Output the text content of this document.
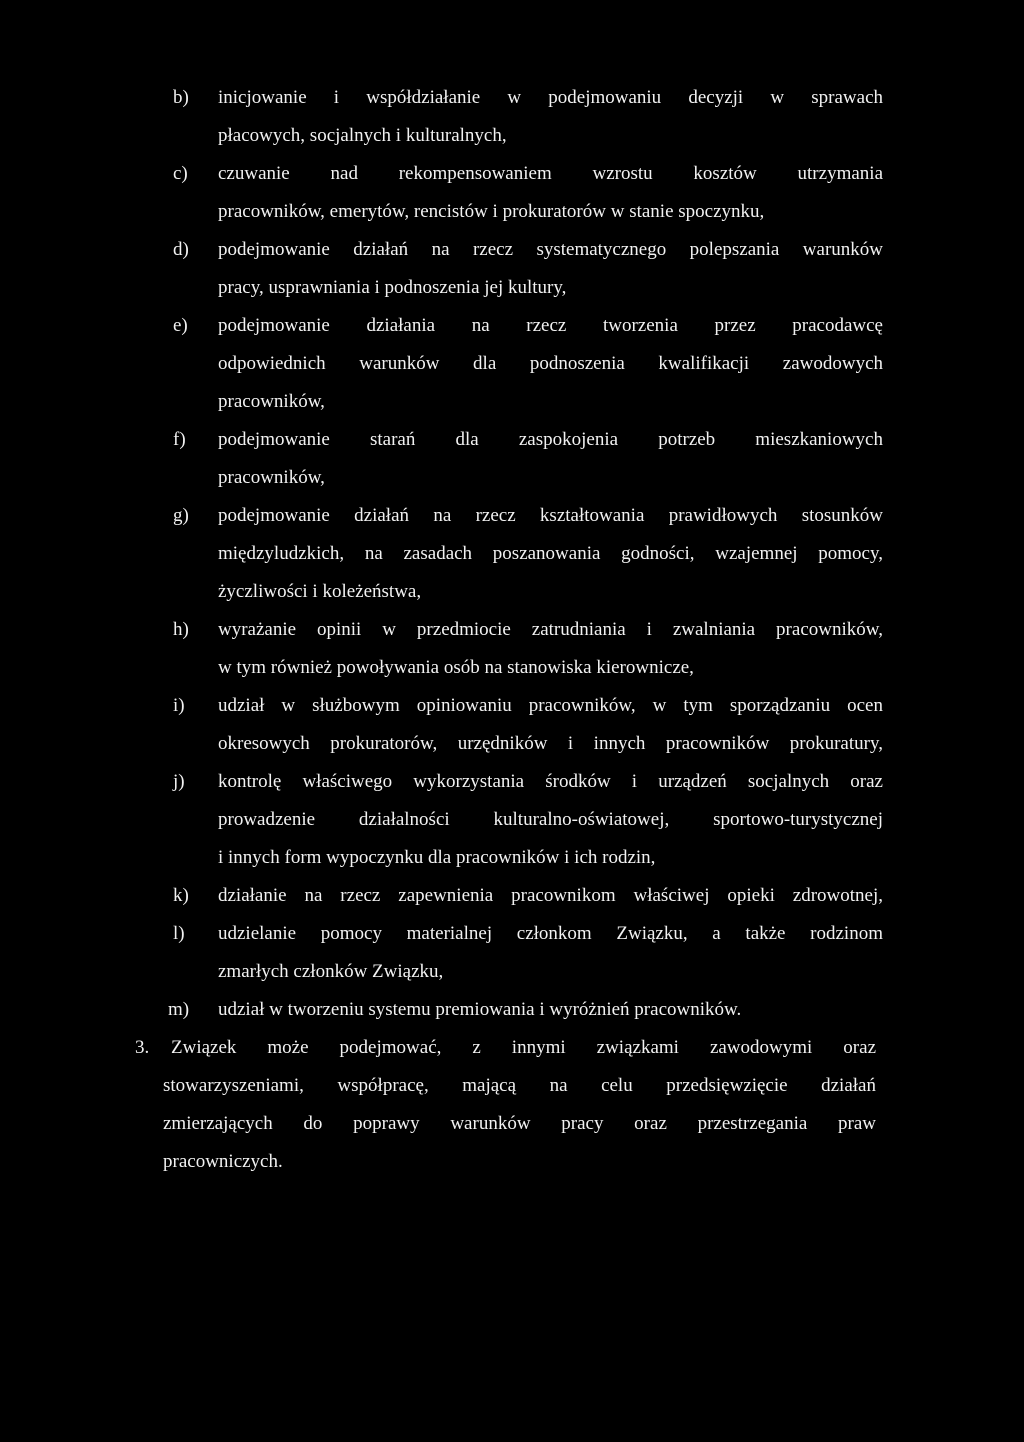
b) inicjowanie i współdziałanie w podejmowaniu decyzji w sprawach
płacowych, socjalnych i kulturalnych,
c) czuwanie nad rekompensowaniem wzrostu kosztów utrzymania
pracowników, emerytów, rencistów i prokuratorów w stanie spoczynku,
d) podejmowanie działań na rzecz systematycznego polepszania warunków
pracy, usprawniania i podnoszenia jej kultury,
e) podejmowanie działania na rzecz tworzenia przez pracodawcę
odpowiednich warunków dla podnoszenia kwalifikacji zawodowych
pracowników,
f) podejmowanie starań dla zaspokojenia potrzeb mieszkaniowych
pracowników,
g) podejmowanie działań na rzecz kształtowania prawidłowych stosunków
międzyludzkich, na zasadach poszanowania godności, wzajemnej pomocy,
życzliwości i koleżeństwa,
h) wyrażanie opinii w przedmiocie zatrudniania i zwalniania pracowników,
w tym również powoływania osób na stanowiska kierownicze,
i) udział w służbowym opiniowaniu pracowników, w tym sporządzaniu ocen
okresowych prokuratorów, urzędników i innych pracowników prokuratury,
j) kontrolę właściwego wykorzystania środków i urządzeń socjalnych oraz
prowadzenie działalności kulturalno-oświatowej, sportowo-turystycznej
i innych form wypoczynku dla pracowników i ich rodzin,
k) działanie na rzecz zapewnienia pracownikom właściwej opieki zdrowotnej,
l) udzielanie pomocy materialnej członkom Związku, a także rodzinom
zmarłych członków Związku,
m) udział w tworzeniu systemu premiowania i wyróżnień pracowników.
3. Związek może podejmować, z innymi związkami zawodowymi oraz
stowarzyszeniami, współpracę, mającą na celu przedsięwzięcie działań
zmierzających do poprawy warunków pracy oraz przestrzegania praw
pracowniczych.
